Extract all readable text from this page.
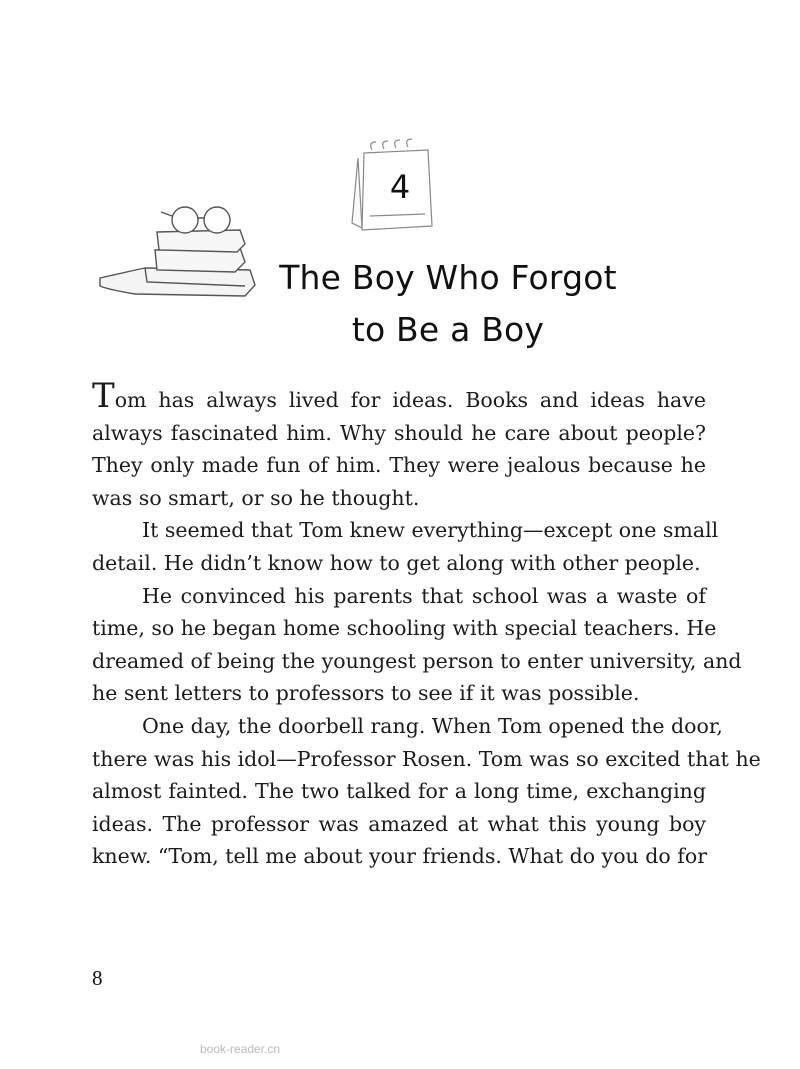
4
The Boy Who Forgot
to Be a Boy
Tom has always lived for ideas. Books and ideas have
always fascinated him. Why should he care about people?
They only made fun of him. They were jealous because he
was so smart, or so he thought.
It seemed that Tom knew everything—except one small
detail. He didn’t know how to get along with other people.
He convinced his parents that school was a waste of
time, so he began home schooling with special teachers. He
dreamed of being the youngest person to enter university, and
he sent letters to professors to see if it was possible.
One day, the doorbell rang. When Tom opened the door,
there was his idol—Professor Rosen. Tom was so excited that he
almost fainted. The two talked for a long time, exchanging
ideas. The professor was amazed at what this young boy
knew. “Tom, tell me about your friends. What do you do for
8
book-reader.cn
